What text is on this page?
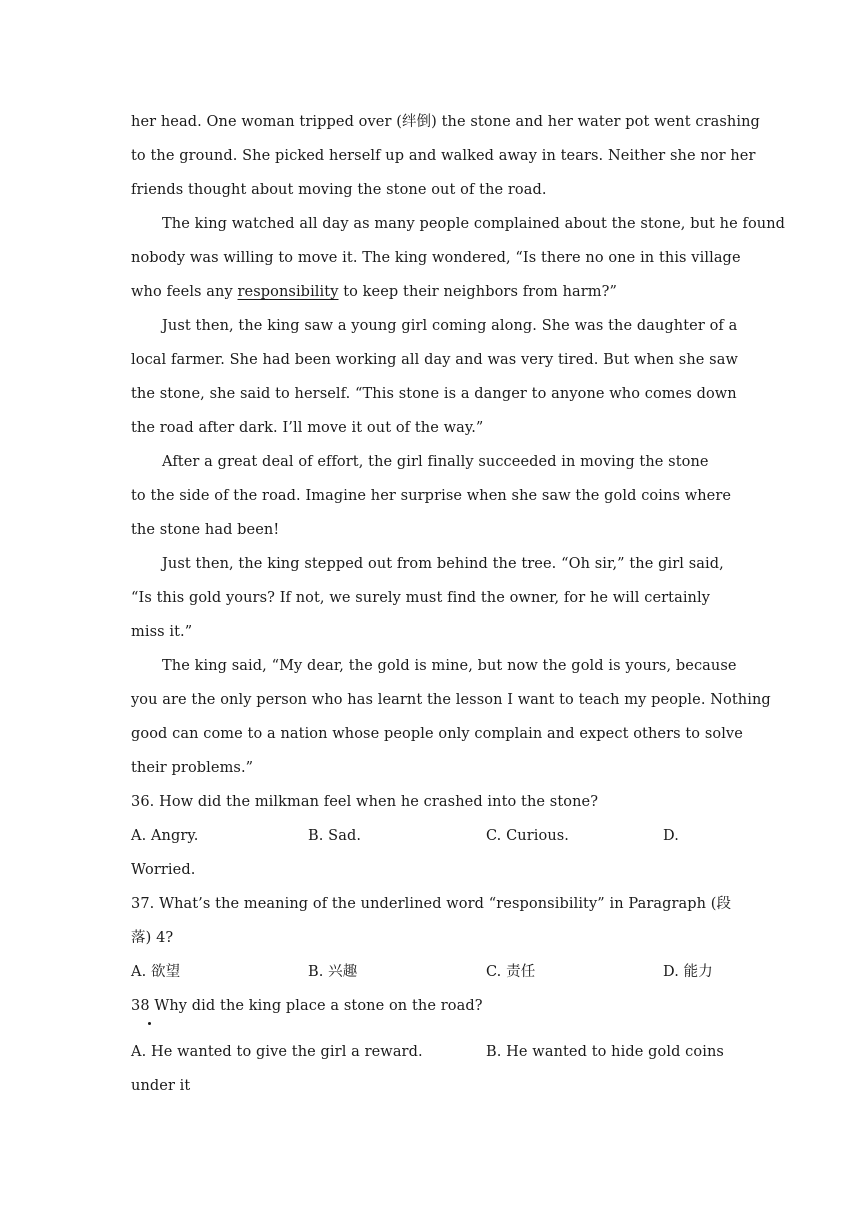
her head. One woman tripped over (绊倒) the stone and her water pot went crashing
to the ground. She picked herself up and walked away in tears. Neither she nor her
friends thought about moving the stone out of the road.
The king watched all day as many people complained about the stone, but he found
nobody was willing to move it. The king wondered, “Is there no one in this village
who feels any responsibility to keep their neighbors from harm?”
Just then, the king saw a young girl coming along. She was the daughter of a
local farmer. She had been working all day and was very tired. But when she saw
the stone, she said to herself. “This stone is a danger to anyone who comes down
the road after dark. I’ll move it out of the way.”
After a great deal of effort, the girl finally succeeded in moving the stone
to the side of the road. Imagine her surprise when she saw the gold coins where
the stone had been!
Just then, the king stepped out from behind the tree. “Oh sir,” the girl said,
“Is this gold yours? If not, we surely must find the owner, for he will certainly
miss it.”
The king said, “My dear, the gold is mine, but now the gold is yours, because
you are the only person who has learnt the lesson I want to teach my people. Nothing
good can come to a nation whose people only complain and expect others to solve
their problems.”
36. How did the milkman feel when he crashed into the stone?
A. Angry.	B. Sad.	C. Curious.	D.
Worried.
37. What’s the meaning of the underlined word “responsibility” in Paragraph (段
落) 4?
A. 欲望	B. 兴趣	C. 责任	D. 能力
38 Why did the king place a stone on the road?
A. He wanted to give the girl a reward.	B. He wanted to hide gold coins
under it
